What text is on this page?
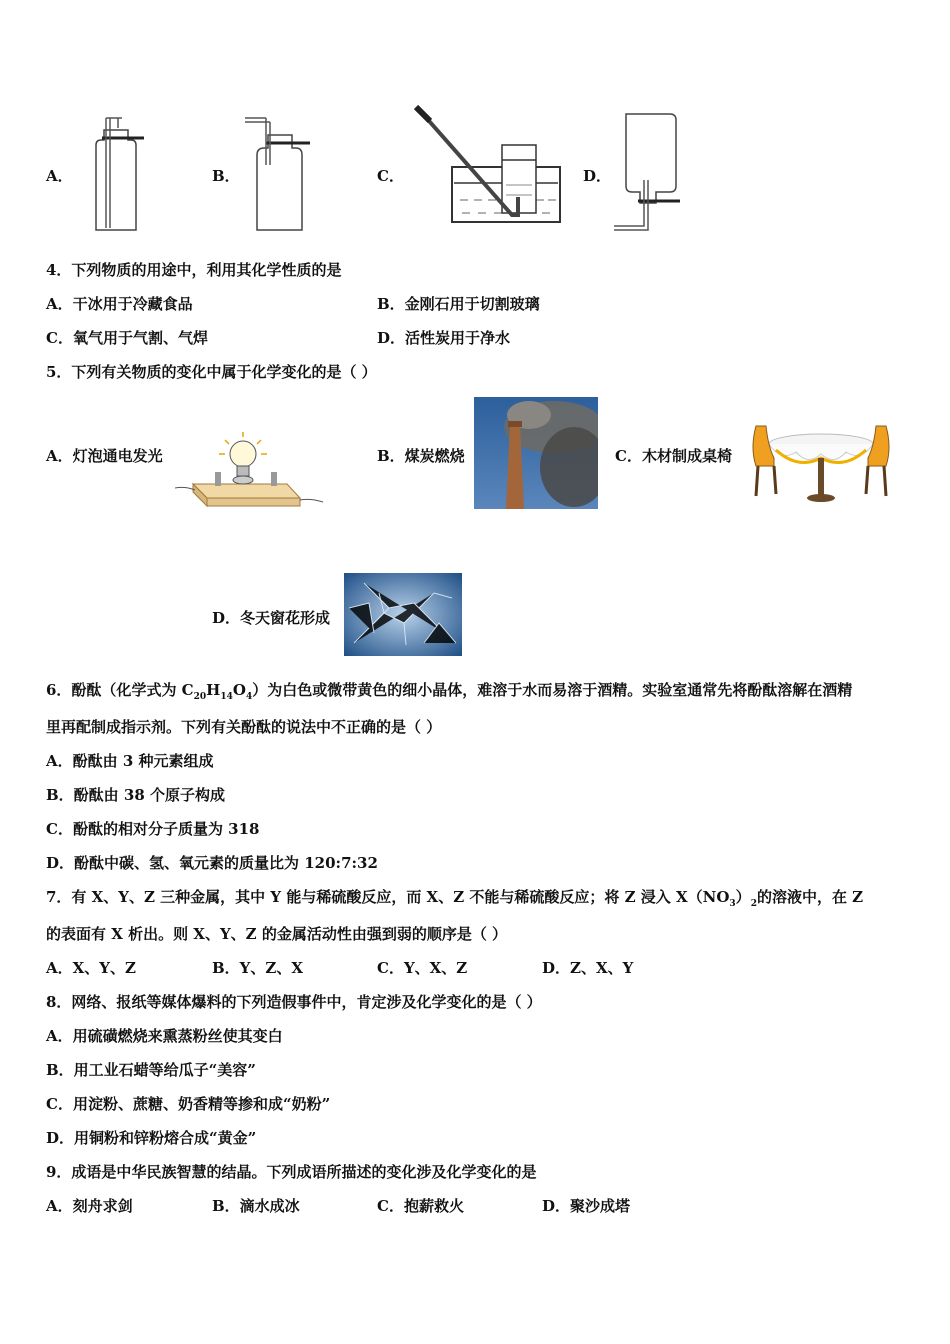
A．	B．	C．	D．
4．下列物质的用途中，利用其化学性质的是
A．干冰用于冷藏食品	B．金刚石用于切割玻璃
C．氧气用于气割、气焊	D．活性炭用于净水
5．下列有关物质的变化中属于化学变化的是（ ）
A．灯泡通电发光	B．煤炭燃烧	C．木材制成桌椅
D．冬天窗花形成
6．酚酞（化学式为 $C_{20}H_{14}O_4$）为白色或微带黄色的细小晶体，难溶于水而易溶于酒精。实验室通常先将酚酞溶解在酒精
里再配制成指示剂。下列有关酚酞的说法中不正确的是（ ）
A．酚酞由 3 种元素组成
B．酚酞由 38 个原子构成
C．酚酞的相对分子质量为 318
D．酚酞中碳、氢、氧元素的质量比为 120:7:32
7．有 X、Y、Z 三种金属，其中 Y 能与稀硫酸反应，而 X、Z 不能与稀硫酸反应；将 Z 浸入 $X(NO_3)_2$的溶液中，在 Z
的表面有 X 析出。则 X、Y、Z 的金属活动性由强到弱的顺序是（ ）
A．X、Y、Z	B．Y、Z、X	C．Y、X、Z	D．Z、X、Y
8．网络、报纸等媒体爆料的下列造假事件中，肯定涉及化学变化的是（ ）
A．用硫磺燃烧来熏蒸粉丝使其变白
B．用工业石蜡等给瓜子“美容”
C．用淀粉、蔗糖、奶香精等掺和成“奶粉”
D．用铜粉和锌粉熔合成“黄金”
9．成语是中华民族智慧的结晶。下列成语所描述的变化涉及化学变化的是
A．刻舟求剑	B．滴水成冰	C．抱薪救火	D．聚沙成塔
